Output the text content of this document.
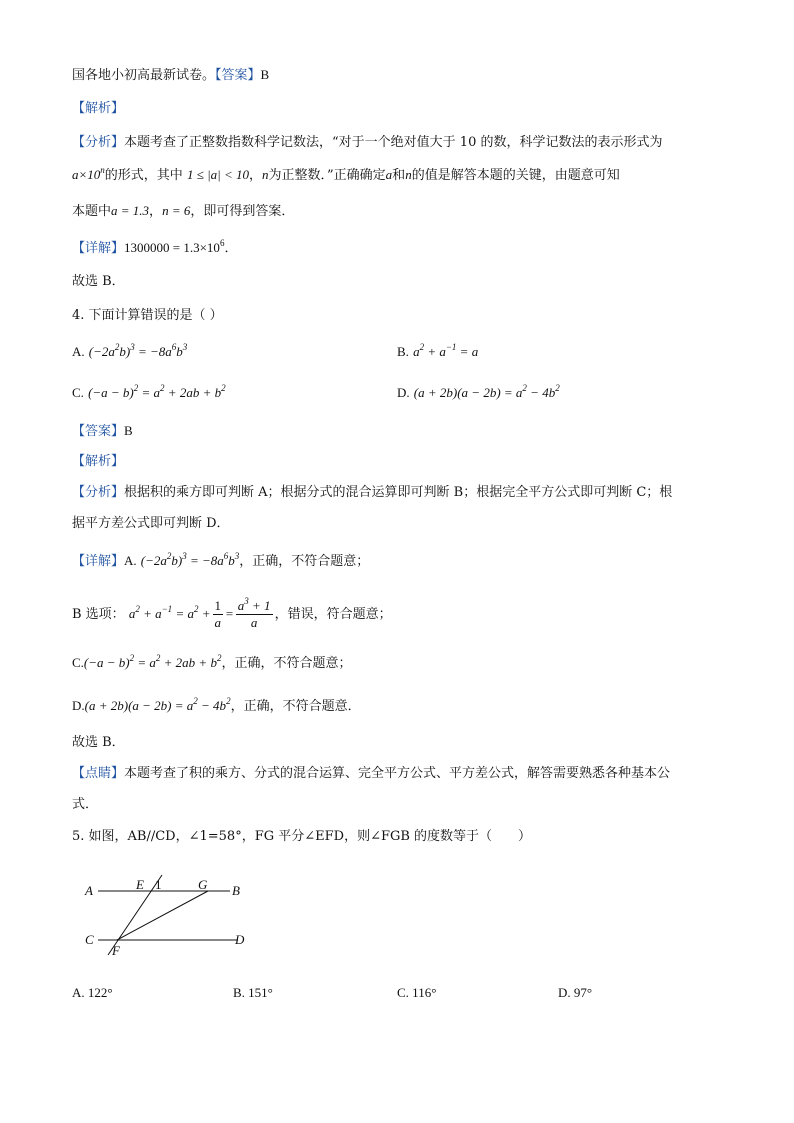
国各地小初高最新试卷。【答案】B
【解析】
【分析】本题考查了正整数指数科学记数法，“对于一个绝对值大于 10 的数，科学记数法的表示形式为
$a\times 10^n$的形式，其中 1 ≤ |a| < 10，n为正整数．”正确确定a和n的值是解答本题的关键，由题意可知
本题中a = 1.3，n = 6，即可得到答案．
【详解】$1300000 = 1.3\times 10^6$．
故选 B．
4. 下面计算错误的是（ ）
A. $(-2a^2b)^3 = -8a^6b^3$	B. $a^2 + a^{-1} = a$
C. $(-a - b)^2 = a^2 + 2ab + b^2$	D. $(a + 2b)(a - 2b) = a^2 - 4b^2$
【答案】B
【解析】
【分析】根据积的乘方即可判断 A；根据分式的混合运算即可判断 B；根据完全平方公式即可判断 C；根
据平方差公式即可判断 D．
【详解】A. $(-2a^2b)^3 = -8a^6b^3$，正确，不符合题意；
B 选项： $a^2 + a^{-1} = a^2 + \frac{1}{a} = \frac{a^3 + 1}{a}$ ，错误，符合题意；
$C.(-a - b)^2 = a^2 + 2ab + b^2$，正确，不符合题意；
$D.(a + 2b)(a - 2b) = a^2 - 4b^2$，正确，不符合题意．
故选 B．
【点睛】本题考查了积的乘方、分式的混合运算、完全平方公式、平方差公式，解答需要熟悉各种基本公
式．
5. 如图，AB//CD，∠1=58°，FG 平分∠EFD，则∠FGB 的度数等于（　　）
A	B
C	D
E
F
G
1
A. 122°	B. 151°	C. 116°	D. 97°
